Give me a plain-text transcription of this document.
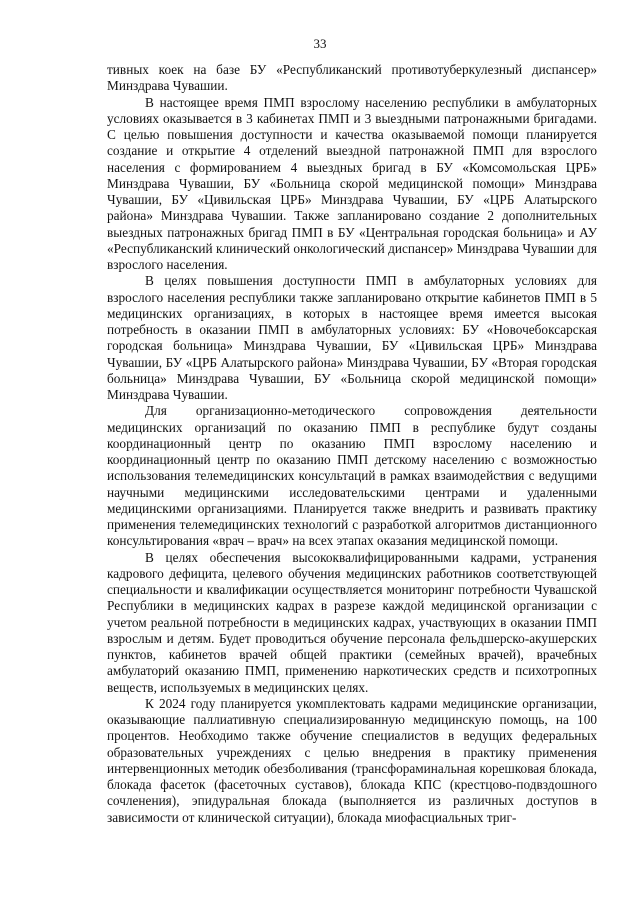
33

тивных коек на базе БУ «Республиканский противотуберкулезный диспансер» Минздрава Чувашии.

В настоящее время ПМП взрослому населению республики в амбулаторных условиях оказывается в 3 кабинетах ПМП и 3 выездными патронажными бригадами. С целью повышения доступности и качества оказываемой помощи планируется создание и открытие 4 отделений выездной патронажной ПМП для взрослого населения с формированием 4 выездных бригад в БУ «Комсомольская ЦРБ» Минздрава Чувашии, БУ «Больница скорой медицинской помощи» Минздрава Чувашии, БУ «Цивильская ЦРБ» Минздрава Чувашии, БУ «ЦРБ Алатырского района» Минздрава Чувашии. Также запланировано создание 2 дополнительных выездных патронажных бригад ПМП в БУ «Центральная городская больница» и АУ «Республиканский клинический онкологический диспансер» Минздрава Чувашии для взрослого населения.

В целях повышения доступности ПМП в амбулаторных условиях для взрослого населения республики также запланировано открытие кабинетов ПМП в 5 медицинских организациях, в которых в настоящее время имеется высокая потребность в оказании ПМП в амбулаторных условиях: БУ «Новочебоксарская городская больница» Минздрава Чувашии, БУ «Цивильская ЦРБ» Минздрава Чувашии, БУ «ЦРБ Алатырского района» Минздрава Чувашии, БУ «Вторая городская больница» Минздрава Чувашии, БУ «Больница скорой медицинской помощи» Минздрава Чувашии.

Для организационно-методического сопровождения деятельности медицинских организаций по оказанию ПМП в республике будут созданы координационный центр по оказанию ПМП взрослому населению и координационный центр по оказанию ПМП детскому населению с возможностью использования телемедицинских консультаций в рамках взаимодействия с ведущими научными медицинскими исследовательскими центрами и удаленными медицинскими организациями. Планируется также внедрить и развивать практику применения телемедицинских технологий с разработкой алгоритмов дистанционного консультирования «врач – врач» на всех этапах оказания медицинской помощи.

В целях обеспечения высококвалифицированными кадрами, устранения кадрового дефицита, целевого обучения медицинских работников соответствующей специальности и квалификации осуществляется мониторинг потребности Чувашской Республики в медицинских кадрах в разрезе каждой медицинской организации с учетом реальной потребности в медицинских кадрах, участвующих в оказании ПМП взрослым и детям. Будет проводиться обучение персонала фельдшерско-акушерских пунктов, кабинетов врачей общей практики (семейных врачей), врачебных амбулаторий оказанию ПМП, применению наркотических средств и психотропных веществ, используемых в медицинских целях.

К 2024 году планируется укомплектовать кадрами медицинские организации, оказывающие паллиативную специализированную медицинскую помощь, на 100 процентов. Необходимо также обучение специалистов в ведущих федеральных образовательных учреждениях с целью внедрения в практику применения интервенционных методик обезболивания (трансфораминальная корешковая блокада, блокада фасеток (фасеточных суставов), блокада КПС (крестцово-подвздошного сочленения), эпидуральная блокада (выполняется из различных доступов в зависимости от клинической ситуации), блокада миофасциальных триг-
